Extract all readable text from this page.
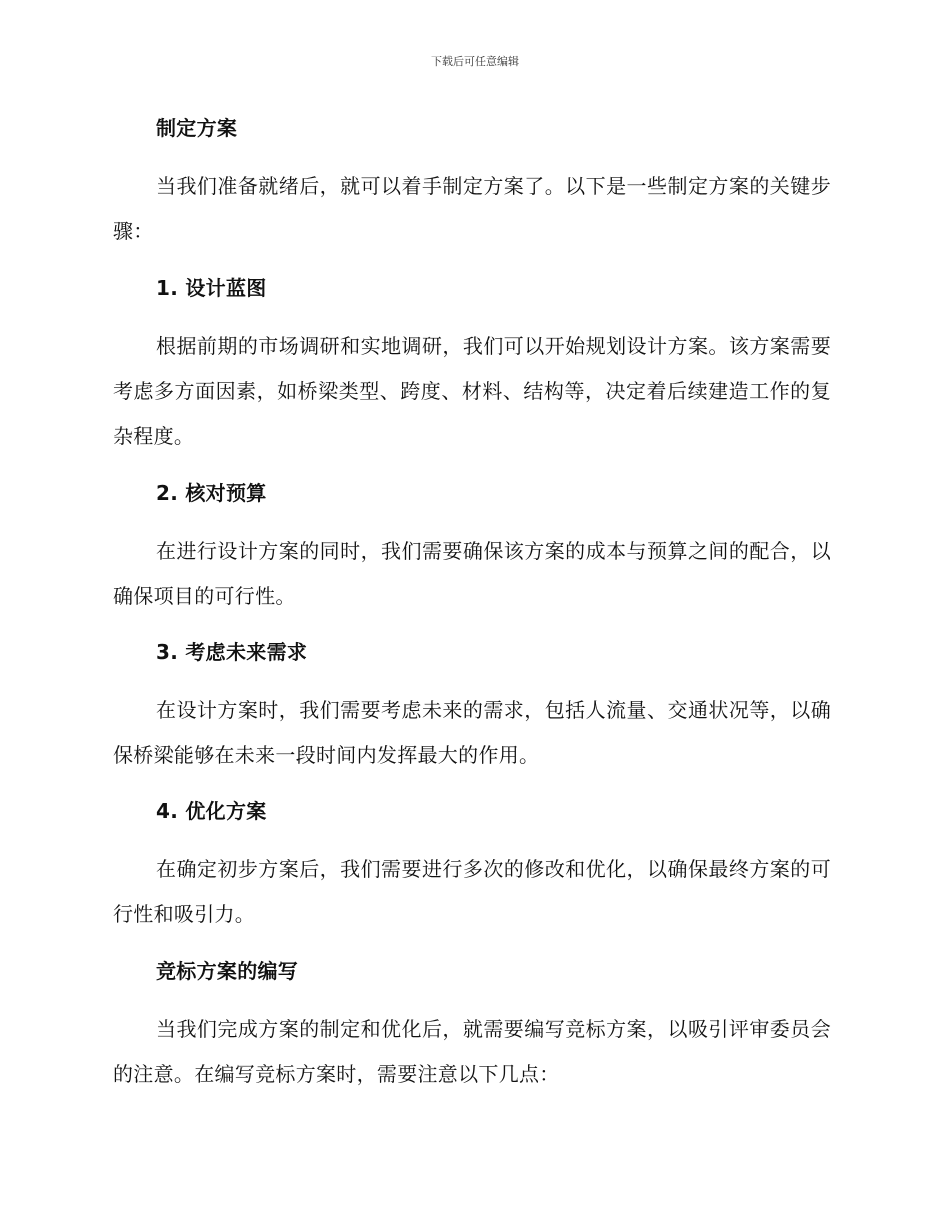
下载后可任意编辑
制定方案
当我们准备就绪后，就可以着手制定方案了。以下是一些制定方案的关键步骤：
1. 设计蓝图
根据前期的市场调研和实地调研，我们可以开始规划设计方案。该方案需要考虑多方面因素，如桥梁类型、跨度、材料、结构等，决定着后续建造工作的复杂程度。
2. 核对预算
在进行设计方案的同时，我们需要确保该方案的成本与预算之间的配合，以确保项目的可行性。
3. 考虑未来需求
在设计方案时，我们需要考虑未来的需求，包括人流量、交通状况等，以确保桥梁能够在未来一段时间内发挥最大的作用。
4. 优化方案
在确定初步方案后，我们需要进行多次的修改和优化，以确保最终方案的可行性和吸引力。
竞标方案的编写
当我们完成方案的制定和优化后，就需要编写竞标方案，以吸引评审委员会的注意。在编写竞标方案时，需要注意以下几点：
